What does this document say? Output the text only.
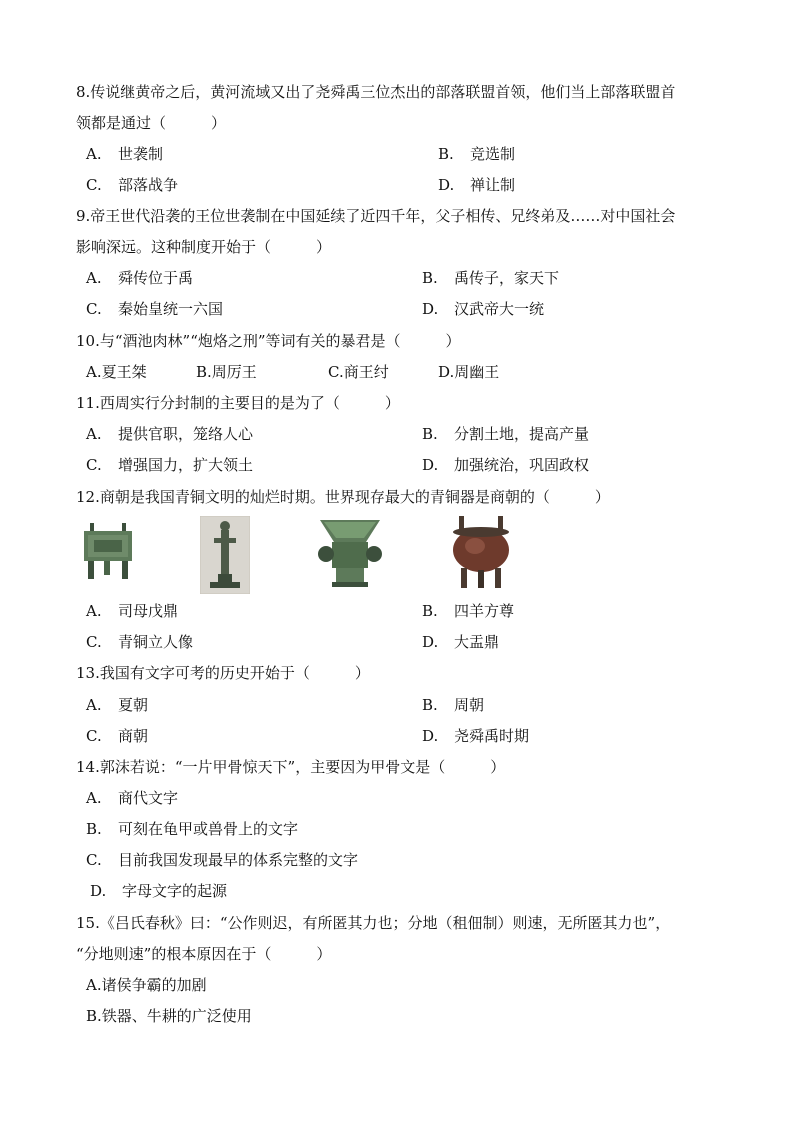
8.传说继黄帝之后，黄河流域又出了尧舜禹三位杰出的部落联盟首领，他们当上部落联盟首
领都是通过（　　　）
A. 世袭制	B. 竞选制
C. 部落战争	D. 禅让制
9.帝王世代沿袭的王位世袭制在中国延续了近四千年，父子相传、兄终弟及……对中国社会
影响深远。这种制度开始于（　　　）
A. 舜传位于禹	B. 禹传子，家天下
C. 秦始皇统一六国	D. 汉武帝大一统
10.与“酒池肉林”“炮烙之刑”等词有关的暴君是（　　　）
A.夏王桀	B.周厉王	C.商王纣	D.周幽王
11.西周实行分封制的主要目的是为了（　　　）
A. 提供官职，笼络人心	B. 分割土地，提高产量
C. 增强国力，扩大领土	D. 加强统治，巩固政权
12.商朝是我国青铜文明的灿烂时期。世界现存最大的青铜器是商朝的（　　　）
A. 司母戊鼎	B. 四羊方尊
C. 青铜立人像	D. 大盂鼎
13.我国有文字可考的历史开始于（　　　）
A. 夏朝	B. 周朝
C. 商朝	D. 尧舜禹时期
14.郭沫若说：“一片甲骨惊天下”，主要因为甲骨文是（　　　）
A. 商代文字
B. 可刻在龟甲或兽骨上的文字
C. 目前我国发现最早的体系完整的文字
D. 字母文字的起源
15.《吕氏春秋》曰：“公作则迟，有所匿其力也；分地（租佃制）则速，无所匿其力也”，
“分地则速”的根本原因在于（　　　）
A.诸侯争霸的加剧
B.铁器、牛耕的广泛使用
